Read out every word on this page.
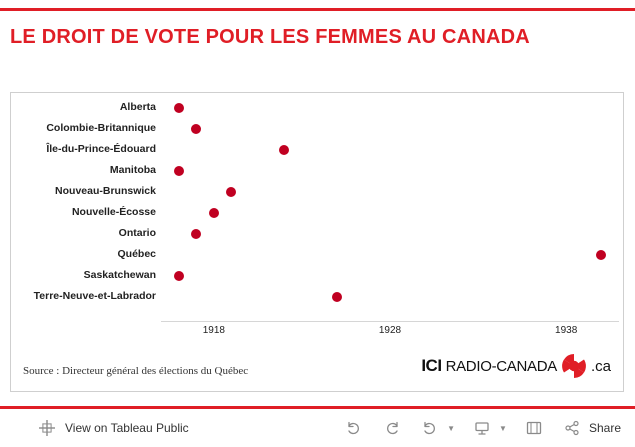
LE DROIT DE VOTE POUR LES FEMMES AU CANADA
Alberta
Colombie-Britannique
Île-du-Prince-Édouard
Manitoba
Nouveau-Brunswick
Nouvelle-Écosse
Ontario
Québec
Saskatchewan
Terre-Neuve-et-Labrador
1918	1928	1938
Source : Directeur général des élections du Québec	ICI RADIO-CANADA .ca
View on Tableau Public	▼	▼	Share
